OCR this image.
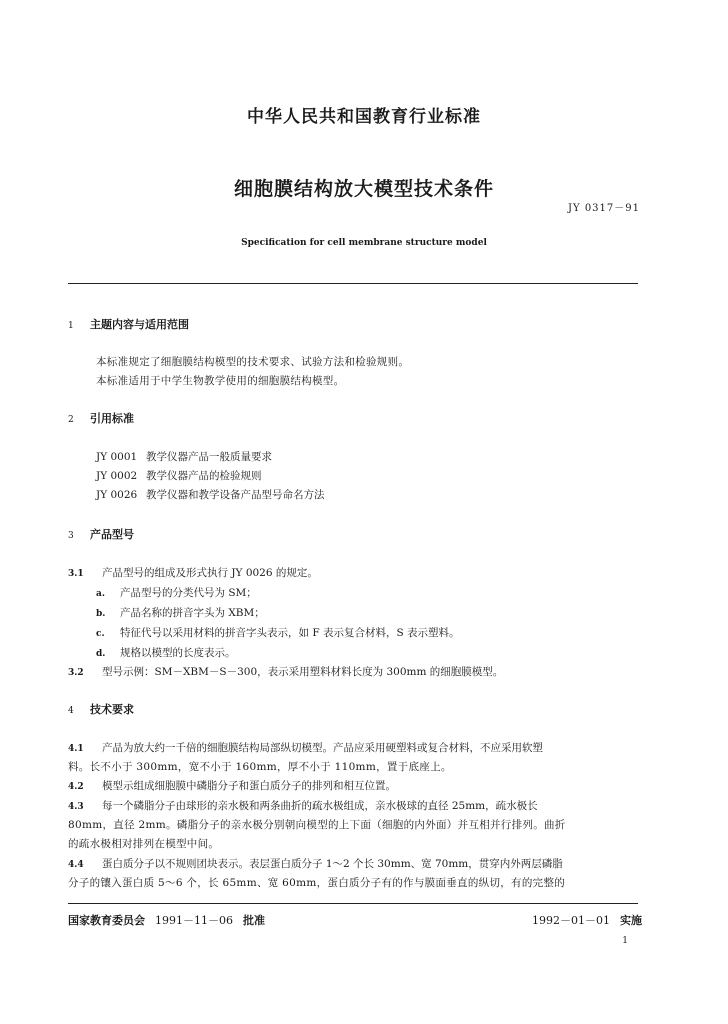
中华人民共和国教育行业标准
细胞膜结构放大模型技术条件
JY 0317－91
Specification for cell membrane structure model
1 主题内容与适用范围
本标准规定了细胞膜结构模型的技术要求、试验方法和检验规则。
本标准适用于中学生物教学使用的细胞膜结构模型。
2 引用标准
JY 0001 教学仪器产品一般质量要求
JY 0002 教学仪器产品的检验规则
JY 0026 教学仪器和教学设备产品型号命名方法
3 产品型号
3.1 产品型号的组成及形式执行 JY 0026 的规定。
a. 产品型号的分类代号为 SM；
b. 产品名称的拼音字头为 XBM；
c. 特征代号以采用材料的拼音字头表示，如 F 表示复合材料，S 表示塑料。
d. 规格以模型的长度表示。
3.2 型号示例：SM－XBM－S－300，表示采用塑料材料长度为 300mm 的细胞膜模型。
4 技术要求
4.1 产品为放大约一千倍的细胞膜结构局部纵切模型。产品应采用硬塑料或复合材料，不应采用软塑
料。长不小于 300mm，宽不小于 160mm，厚不小于 110mm，置于底座上。
4.2 模型示组成细胞膜中磷脂分子和蛋白质分子的排列和相互位置。
4.3 每一个磷脂分子由球形的亲水极和两条曲折的疏水极组成，亲水极球的直径 25mm，疏水极长
80mm，直径 2mm。磷脂分子的亲水极分别朝向模型的上下面（细胞的内外面）并互相并行排列。曲折
的疏水极相对排列在模型中间。
4.4 蛋白质分子以不规则团块表示。表层蛋白质分子 1～2 个长 30mm、宽 70mm，贯穿内外两层磷脂
分子的镶入蛋白质 5～6 个，长 65mm、宽 60mm，蛋白质分子有的作与膜面垂直的纵切，有的完整的
国家教育委员会 1991－11－06 批准	1992－01－01 实施
1
